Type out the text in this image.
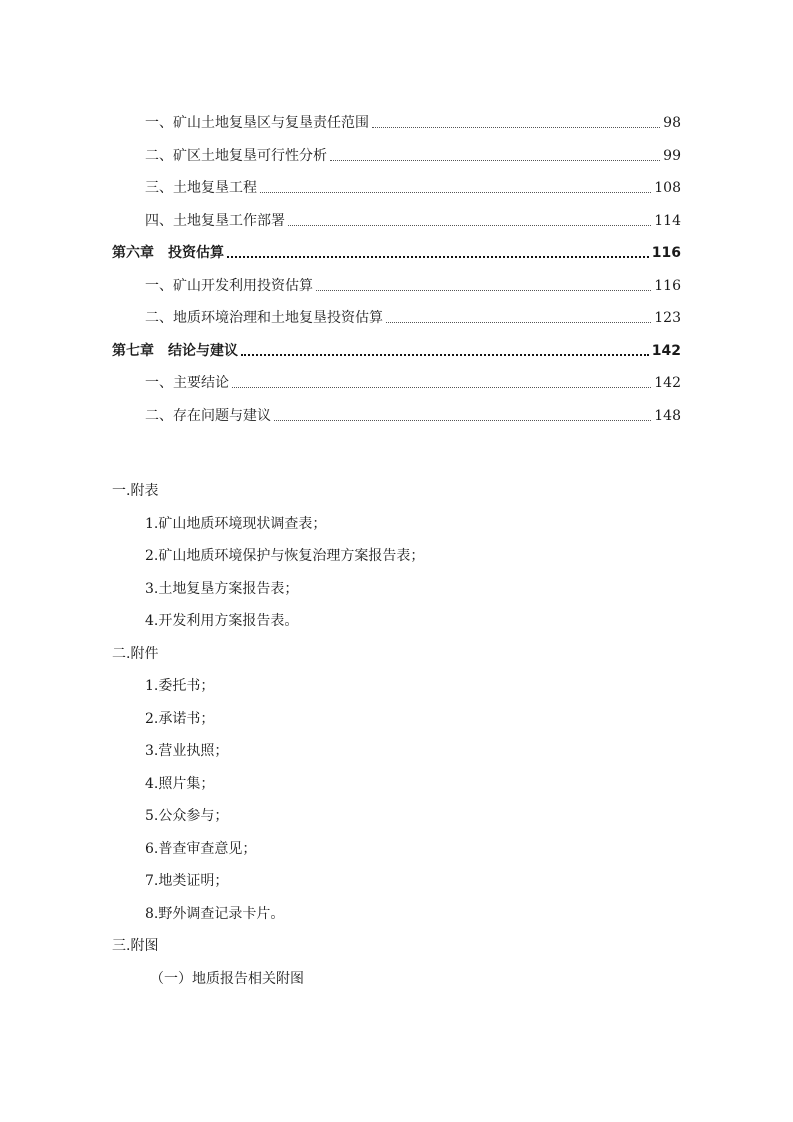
一、矿山土地复垦区与复垦责任范围	98
二、矿区土地复垦可行性分析	99
三、土地复垦工程	108
四、土地复垦工作部署	114
第六章　投资估算	116
一、矿山开发利用投资估算	116
二、地质环境治理和土地复垦投资估算	123
第七章　结论与建议	142
一、主要结论	142
二、存在问题与建议	148
一.附表
1.矿山地质环境现状调查表；
2.矿山地质环境保护与恢复治理方案报告表；
3.土地复垦方案报告表；
4.开发利用方案报告表。
二.附件
1.委托书；
2.承诺书；
3.营业执照；
4.照片集；
5.公众参与；
6.普查审查意见；
7.地类证明；
8.野外调查记录卡片。
三.附图
（一）地质报告相关附图
